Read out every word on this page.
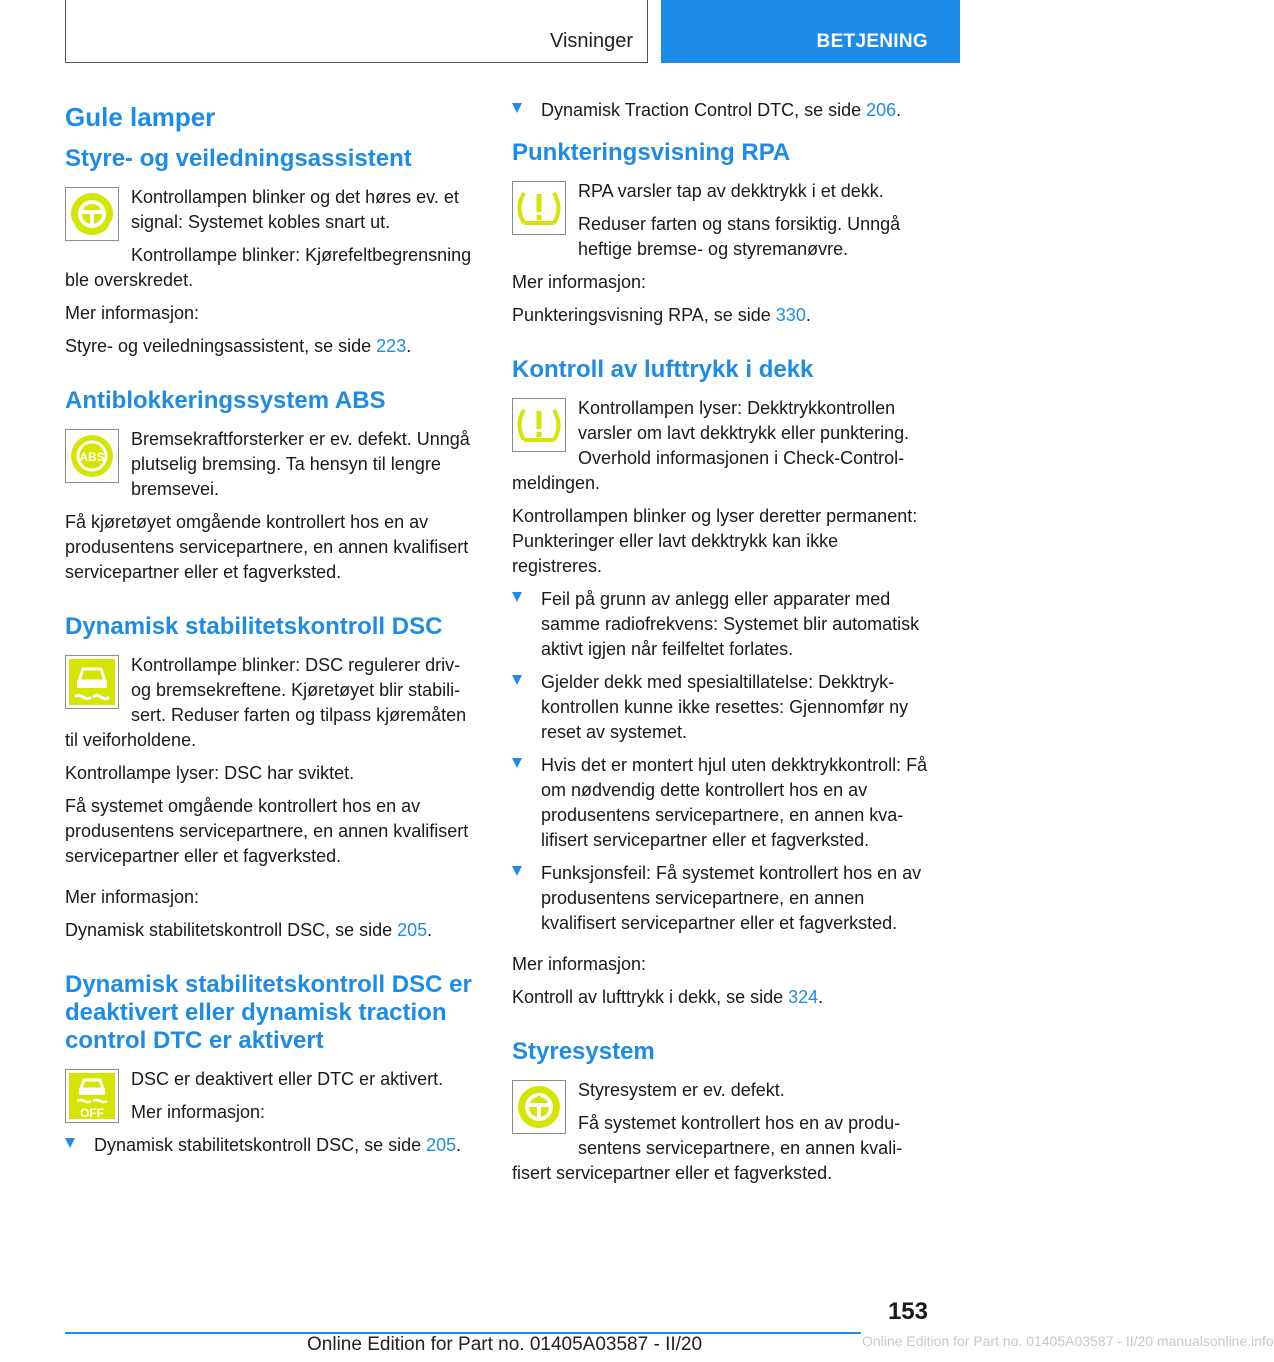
Visninger	BETJENING
Gule lamper
Styre- og veiledningsassistent

Kontrollampen blinker og det høres ev. et signal: Systemet kobles snart ut.

Kontrollampe blinker: Kjørefeltbegrensning ble overskredet.

Mer informasjon:

Styre- og veiledningsassistent, se side 223.

Antiblokkeringssystem ABS
ABS

Bremsekraftforsterker er ev. defekt. Unngå plutselig bremsing. Ta hensyn til lengre bremsevei.

Få kjøretøyet omgående kontrollert hos en av produsentens servicepartnere, en annen kvalifisert servicepartner eller et fagverksted.

Dynamisk stabilitetskontroll DSC

Kontrollampe blinker: DSC regulerer driv- og bremsekreftene. Kjøretøyet blir stabilisert. Reduser farten og tilpass kjøremåten til veiforholdene.

Kontrollampe lyser: DSC har sviktet.

Få systemet omgående kontrollert hos en av produsentens servicepartnere, en annen kvalifisert servicepartner eller et fagverksted.

Mer informasjon:

Dynamisk stabilitetskontroll DSC, se side 205.

Dynamisk stabilitetskontroll DSC er deaktivert eller dynamisk traction control DTC er aktivert
OFF

DSC er deaktivert eller DTC er aktivert.

Mer informasjon:

Dynamisk stabilitetskontroll DSC, se side 205.
Dynamisk Traction Control DTC, se side 206.
Punkteringsvisning RPA

RPA varsler tap av dekktrykk i et dekk.

Reduser farten og stans forsiktig. Unngå heftige bremse- og styremanøvre.

Mer informasjon:

Punkteringsvisning RPA, se side 330.

Kontroll av lufttrykk i dekk

Kontrollampen lyser: Dekktrykkontrollen varsler om lavt dekktrykk eller punktering. Overhold informasjonen i Check-Control-meldingen.

Kontrollampen blinker og lyser deretter permanent: Punkteringer eller lavt dekktrykk kan ikke registreres.

Feil på grunn av anlegg eller apparater med samme radiofrekvens: Systemet blir automatisk aktivt igjen når feilfeltet forlates.
Gjelder dekk med spesialtillatelse: Dekktrykkontrollen kunne ikke resettes: Gjennomfør ny reset av systemet.
Hvis det er montert hjul uten dekktrykkontroll: Få om nødvendig dette kontrollert hos en av produsentens servicepartnere, en annen kvalifisert servicepartner eller et fagverksted.
Funksjonsfeil: Få systemet kontrollert hos en av produsentens servicepartnere, en annen kvalifisert servicepartner eller et fagverksted.

Mer informasjon:

Kontroll av lufttrykk i dekk, se side 324.

Styresystem

Styresystem er ev. defekt.

Få systemet kontrollert hos en av produsentens servicepartnere, en annen kvalifisert servicepartner eller et fagverksted.

153
Online Edition for Part no. 01405A03587 - II/20	Online Edition for Part no. 01405A03587 - II/20 manualsonline.info
